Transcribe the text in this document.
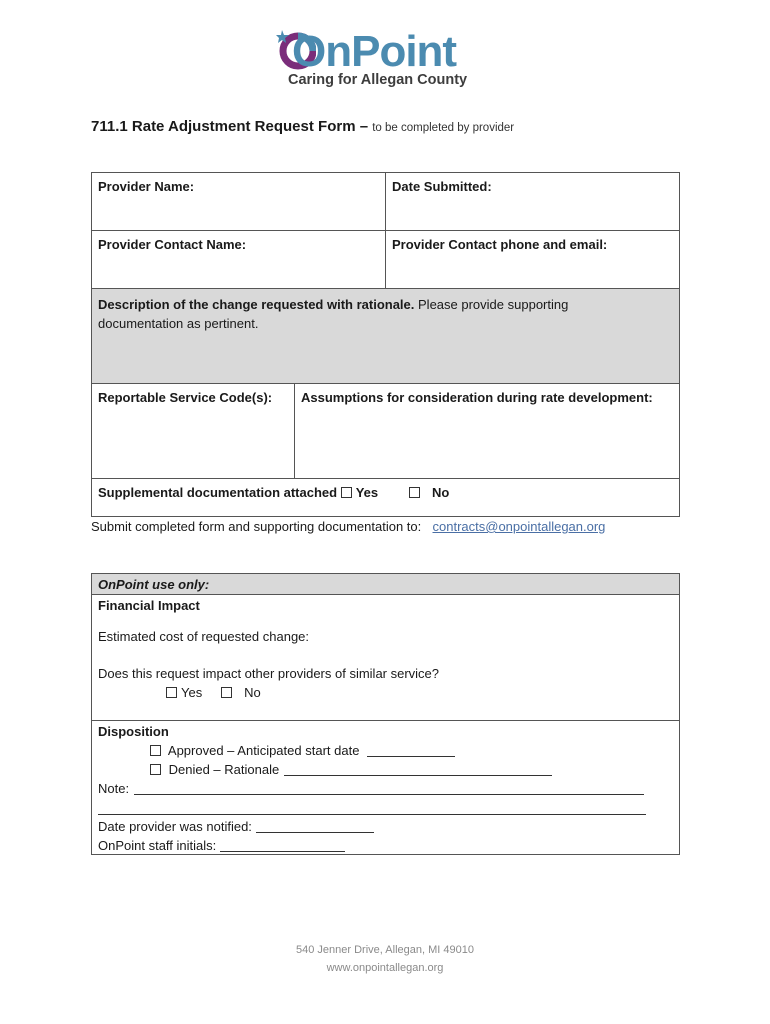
OnPoint
Caring for Allegan County
711.1 Rate Adjustment Request Form – to be completed by provider
Provider Name:	Date Submitted:
Provider Contact Name:	Provider Contact phone and email:
Description of the change requested with rationale. Please provide supporting documentation as pertinent.
Reportable Service Code(s):	Assumptions for consideration during rate development:
Supplemental documentation attached Yes	No
Submit completed form and supporting documentation to: contracts@onpointallegan.org
OnPoint use only:
Financial Impact
Estimated cost of requested change:
Does this request impact other providers of similar service?
Yes	No
Disposition
Approved – Anticipated start date
Denied – Rationale
Note:
Date provider was notified:
OnPoint staff initials:
540 Jenner Drive, Allegan, MI 49010
www.onpointallegan.org
